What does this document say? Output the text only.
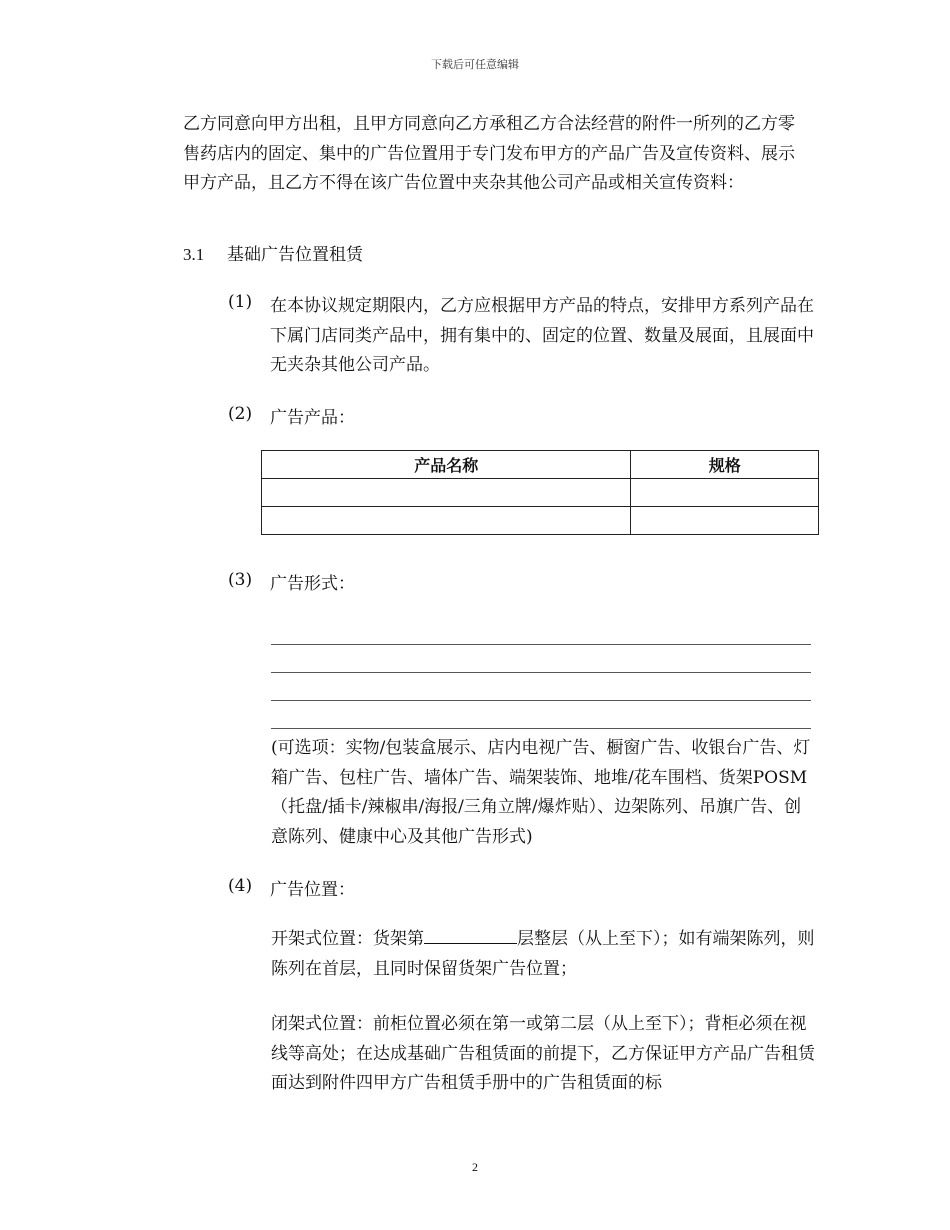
下载后可任意编辑
乙方同意向甲方出租，且甲方同意向乙方承租乙方合法经营的附件一所列的乙方零售药店内的固定、集中的广告位置用于专门发布甲方的产品广告及宣传资料、展示甲方产品，且乙方不得在该广告位置中夹杂其他公司产品或相关宣传资料：
3.1 基础广告位置租赁
(1) 在本协议规定期限内，乙方应根据甲方产品的特点，安排甲方系列产品在下属门店同类产品中，拥有集中的、固定的位置、数量及展面，且展面中无夹杂其他公司产品。
(2) 广告产品：
产品名称	规格

(3) 广告形式：
(可选项：实物/包装盒展示、店内电视广告、橱窗广告、收银台广告、灯箱广告、包柱广告、墙体广告、端架装饰、地堆/花车围档、货架POSM（托盘/插卡/辣椒串/海报/三角立牌/爆炸贴）、边架陈列、吊旗广告、创意陈列、健康中心及其他广告形式)
(4) 广告位置：
开架式位置：货架第	层整层（从上至下）；如有端架陈列，则陈列在首层，且同时保留货架广告位置；
闭架式位置：前柜位置必须在第一或第二层（从上至下）；背柜必须在视线等高处；在达成基础广告租赁面的前提下，乙方保证甲方产品广告租赁面达到附件四甲方广告租赁手册中的广告租赁面的标
2
